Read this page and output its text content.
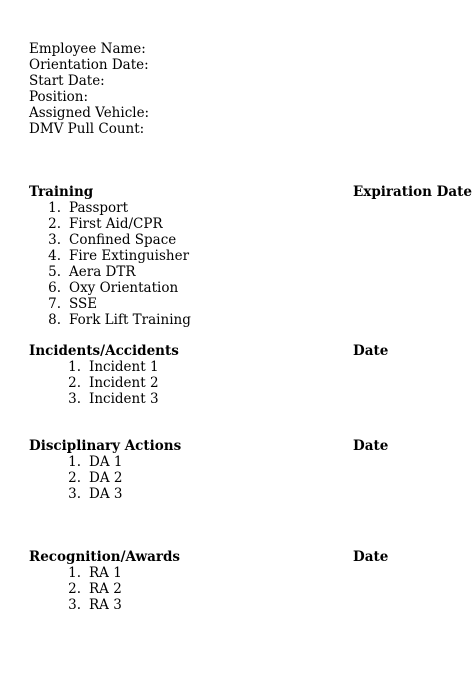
Employee Name:
Orientation Date:
Start Date:
Position:
Assigned Vehicle:
DMV Pull Count:
Training	Expiration Date
1. Passport
2. First Aid/CPR
3. Confined Space
4. Fire Extinguisher
5. Aera DTR
6. Oxy Orientation
7. SSE
8. Fork Lift Training
Incidents/Accidents	Date
1. Incident 1
2. Incident 2
3. Incident 3
Disciplinary Actions	Date
1. DA 1
2. DA 2
3. DA 3
Recognition/Awards	Date
1. RA 1
2. RA 2
3. RA 3
